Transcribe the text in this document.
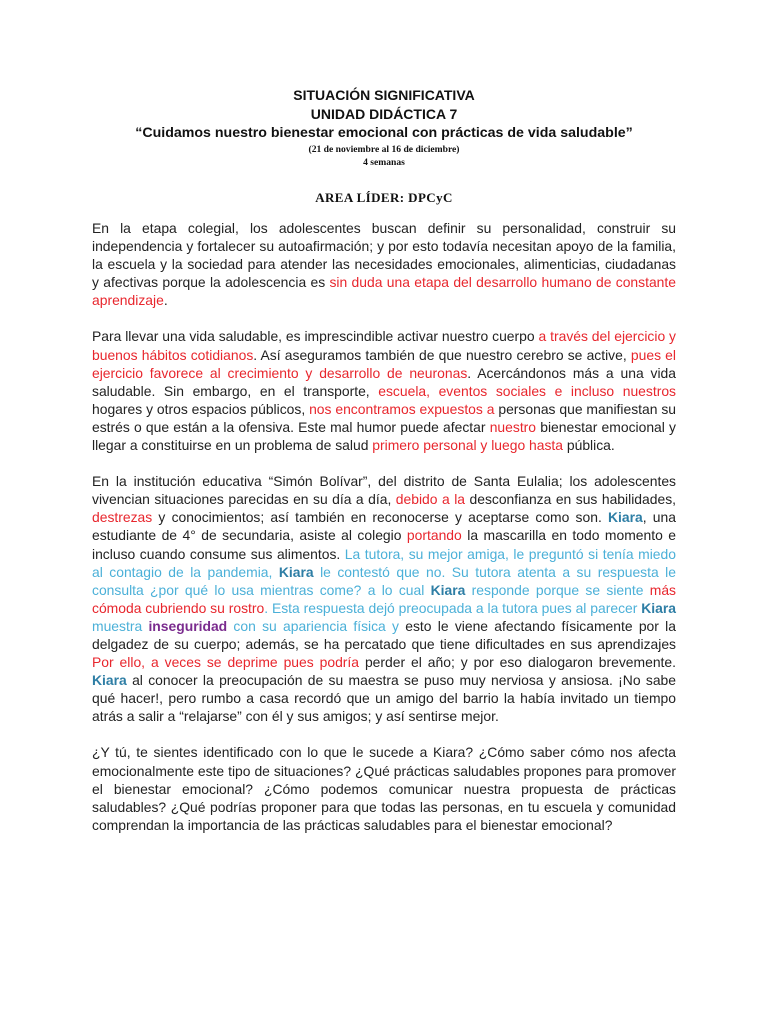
SITUACIÓN SIGNIFICATIVA
UNIDAD DIDÁCTICA 7
“Cuidamos nuestro bienestar emocional con prácticas de vida saludable”
(21 de noviembre al 16 de diciembre)
4 semanas
AREA LÍDER: DPCyC

En la etapa colegial, los adolescentes buscan definir su personalidad, construir su independencia y fortalecer su autoafirmación; y por esto todavía necesitan apoyo de la familia, la escuela y la sociedad para atender las necesidades emocionales, alimenticias, ciudadanas y afectivas porque la adolescencia es sin duda una etapa del desarrollo humano de constante aprendizaje.

Para llevar una vida saludable, es imprescindible activar nuestro cuerpo a través del ejercicio y buenos hábitos cotidianos. Así aseguramos también de que nuestro cerebro se active, pues el ejercicio favorece al crecimiento y desarrollo de neuronas. Acercándonos más a una vida saludable. Sin embargo, en el transporte, escuela, eventos sociales e incluso nuestros hogares y otros espacios públicos, nos encontramos expuestos a personas que manifiestan su estrés o que están a la ofensiva. Este mal humor puede afectar nuestro bienestar emocional y llegar a constituirse en un problema de salud primero personal y luego hasta pública.

En la institución educativa “Simón Bolívar”, del distrito de Santa Eulalia; los adolescentes vivencian situaciones parecidas en su día a día, debido a la desconfianza en sus habilidades, destrezas y conocimientos; así también en reconocerse y aceptarse como son. Kiara, una estudiante de 4° de secundaria, asiste al colegio portando la mascarilla en todo momento e incluso cuando consume sus alimentos. La tutora, su mejor amiga, le preguntó si tenía miedo al contagio de la pandemia, Kiara le contestó que no. Su tutora atenta a su respuesta le consulta ¿por qué lo usa mientras come? a lo cual Kiara responde porque se siente más cómoda cubriendo su rostro. Esta respuesta dejó preocupada a la tutora pues al parecer Kiara muestra inseguridad con su apariencia física y esto le viene afectando físicamente por la delgadez de su cuerpo; además, se ha percatado que tiene dificultades en sus aprendizajes Por ello, a veces se deprime pues podría perder el año; y por eso dialogaron brevemente. Kiara al conocer la preocupación de su maestra se puso muy nerviosa y ansiosa. ¡No sabe qué hacer!, pero rumbo a casa recordó que un amigo del barrio la había invitado un tiempo atrás a salir a “relajarse” con él y sus amigos; y así sentirse mejor.

¿Y tú, te sientes identificado con lo que le sucede a Kiara? ¿Cómo saber cómo nos afecta emocionalmente este tipo de situaciones? ¿Qué prácticas saludables propones para promover el bienestar emocional? ¿Cómo podemos comunicar nuestra propuesta de prácticas saludables? ¿Qué podrías proponer para que todas las personas, en tu escuela y comunidad comprendan la importancia de las prácticas saludables para el bienestar emocional?
